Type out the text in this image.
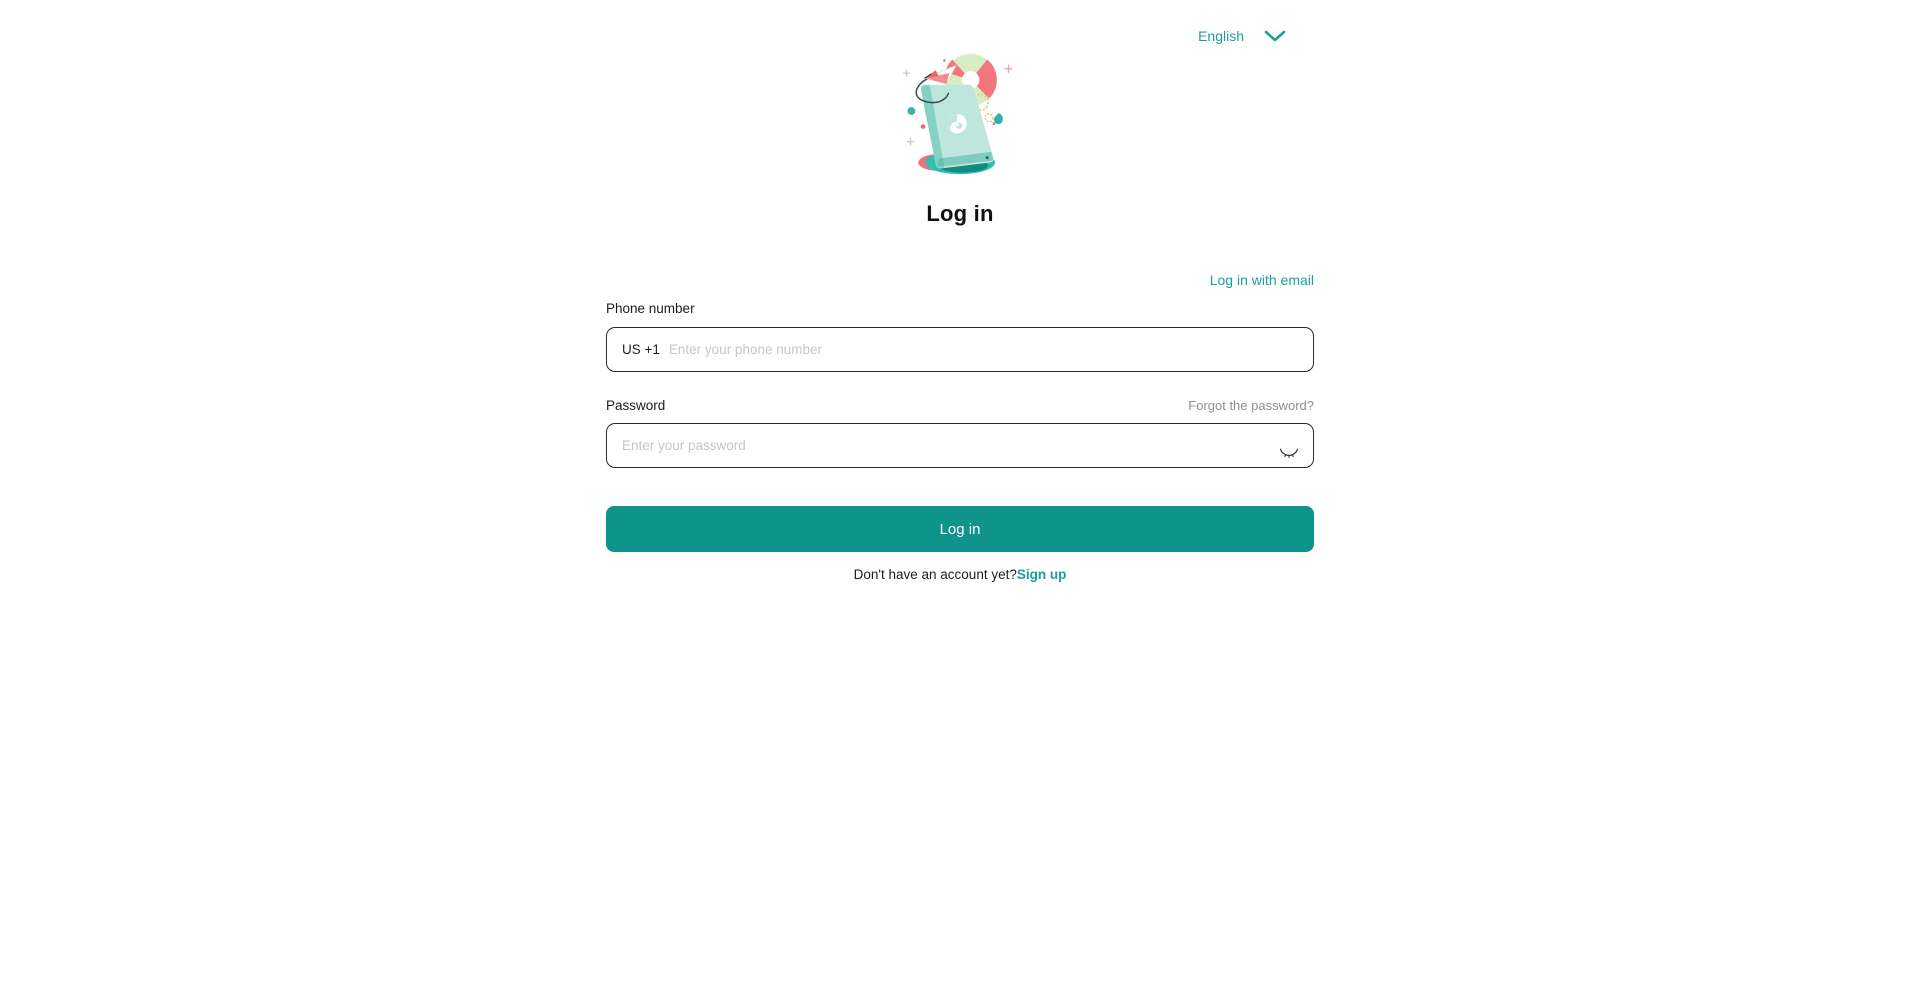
English
Log in
Log in with email
Phone number
US +1
Enter your phone number
Password	Forgot the password?
Log in
Don't have an account yet?Sign up
